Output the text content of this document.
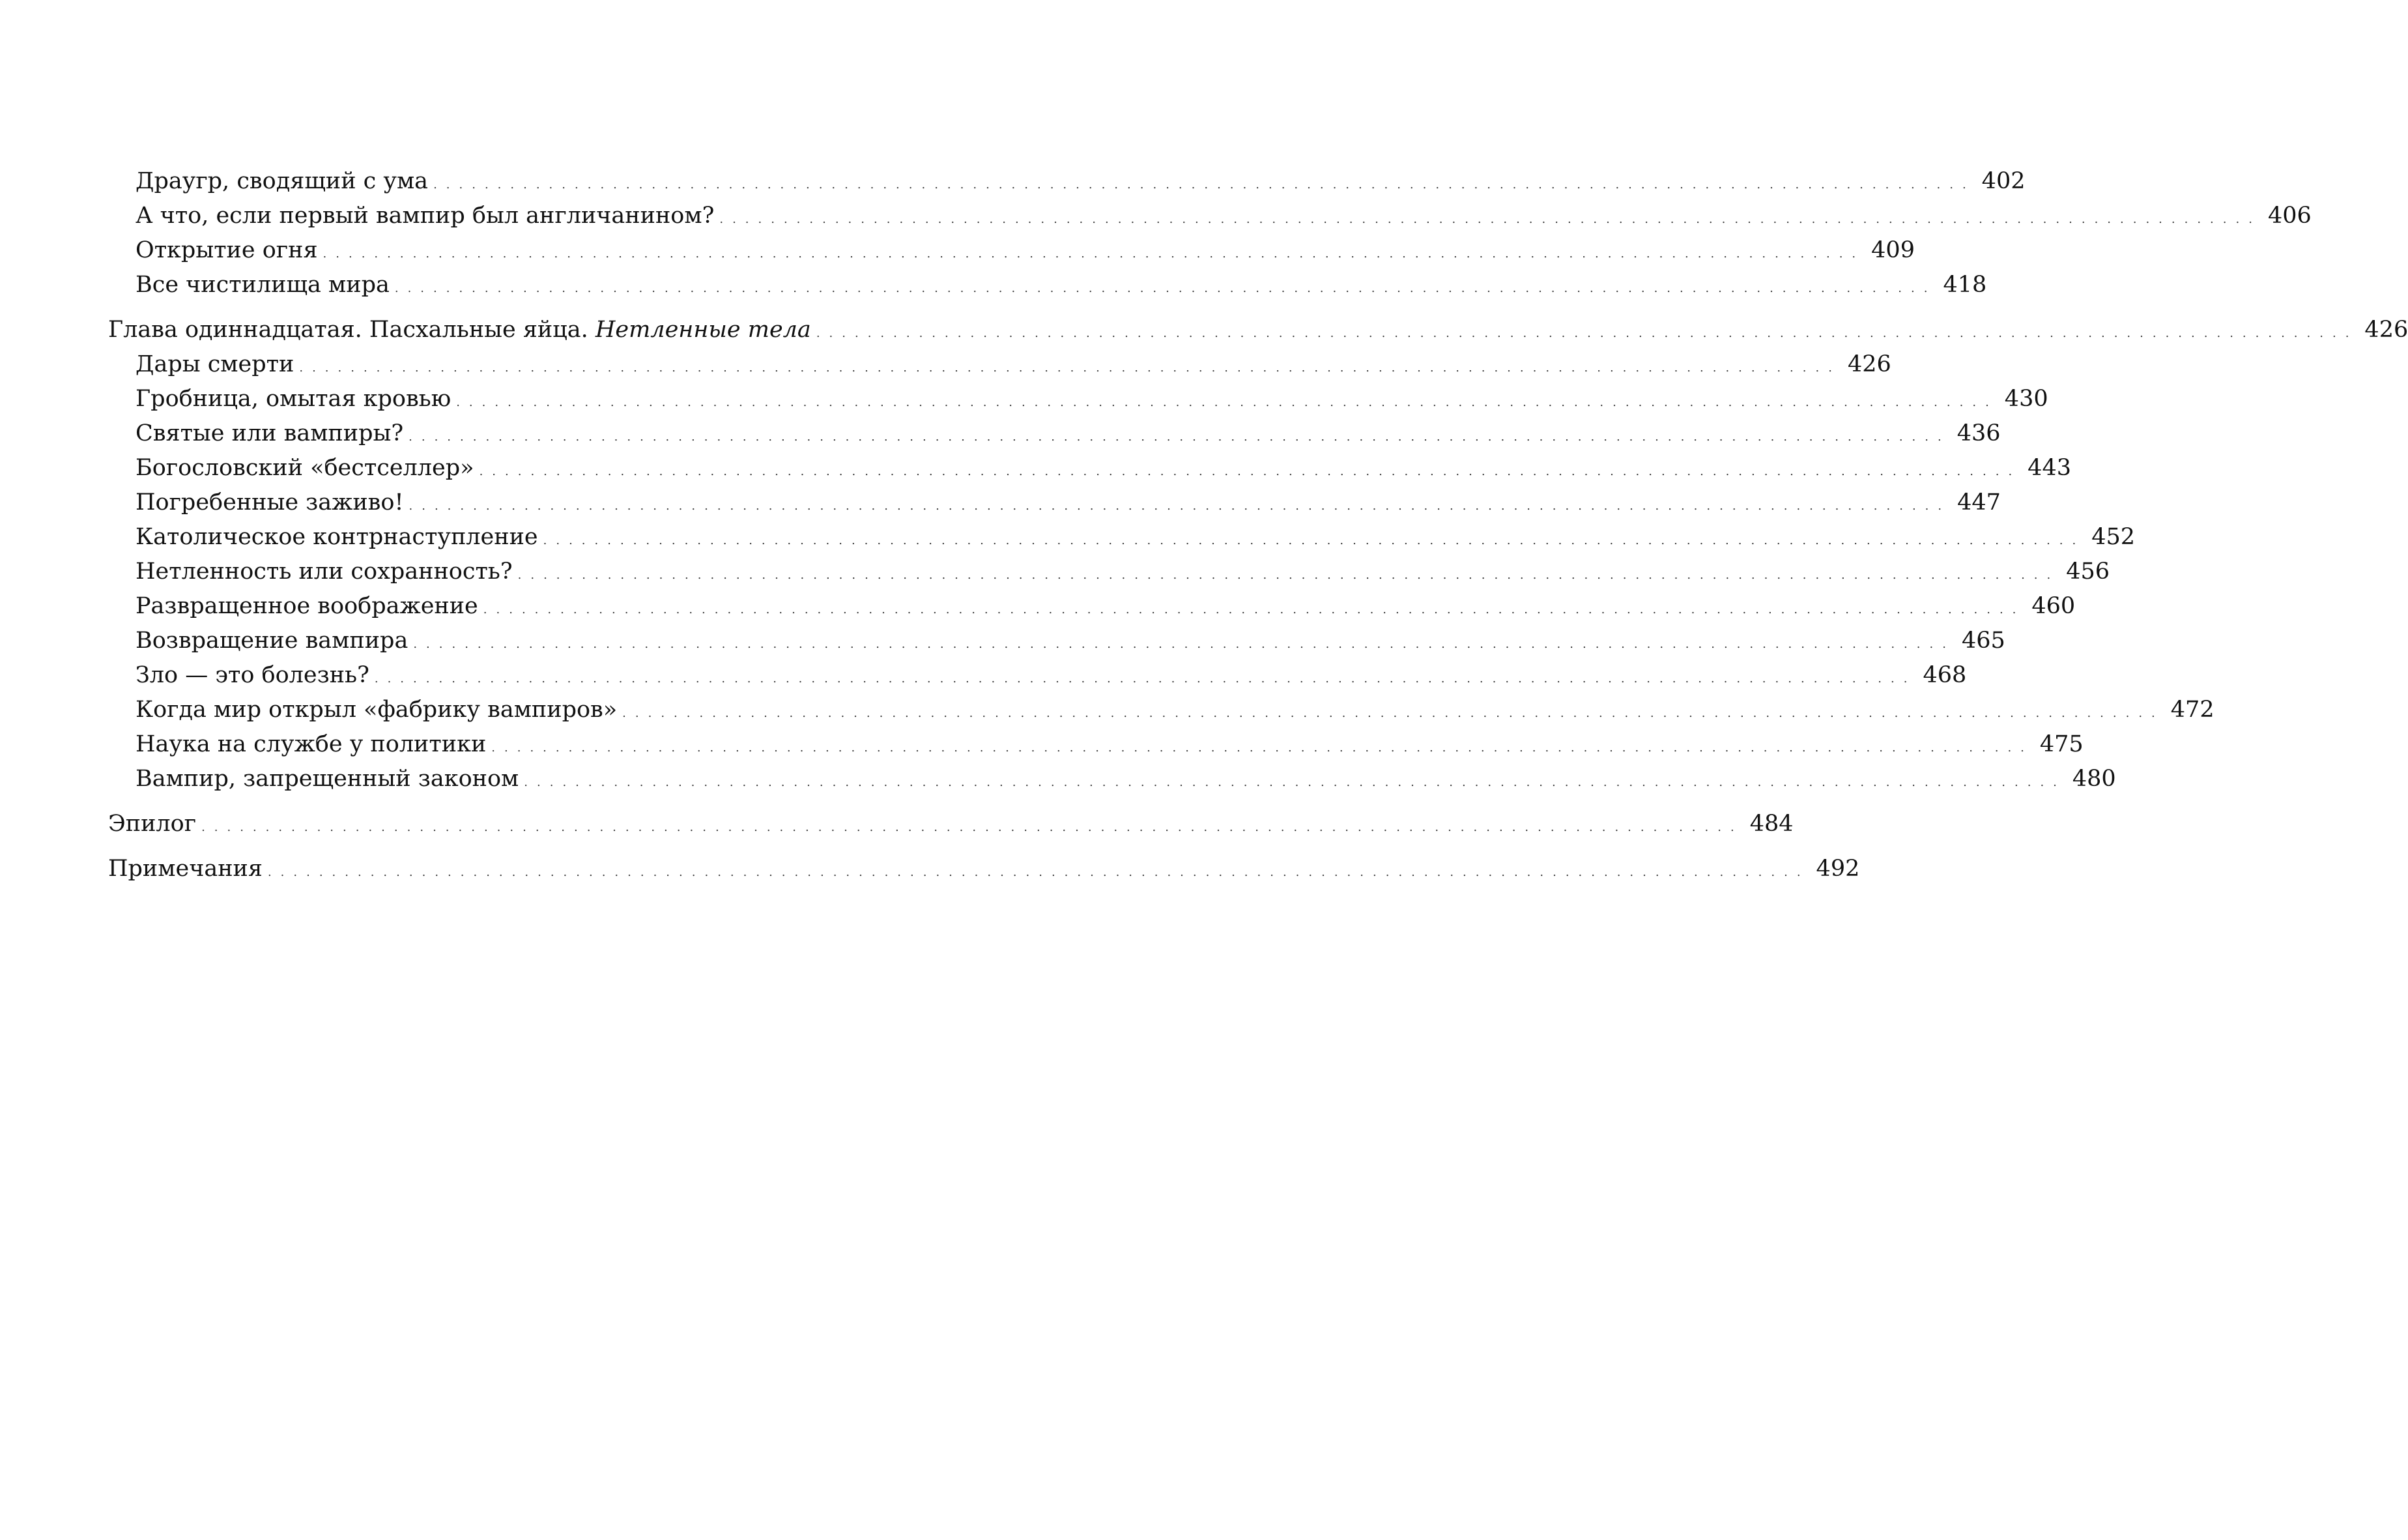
Драугр, сводящий с ума ........................................................................................................................ 402
А что, если первый вампир был англичанином? ........................................................................................................................ 406
Открытие огня ........................................................................................................................ 409
Все чистилища мира ........................................................................................................................ 418
Глава одиннадцатая. Пасхальные яйца. Нетленные тела ........................................................................................................................ 426
Дары смерти ........................................................................................................................ 426
Гробница, омытая кровью ........................................................................................................................ 430
Святые или вампиры? ........................................................................................................................ 436
Богословский «бестселлер» ........................................................................................................................ 443
Погребенные заживо! ........................................................................................................................ 447
Католическое контрнаступление ........................................................................................................................ 452
Нетленность или сохранность? ........................................................................................................................ 456
Развращенное воображение ........................................................................................................................ 460
Возвращение вампира ........................................................................................................................ 465
Зло — это болезнь? ........................................................................................................................ 468
Когда мир открыл «фабрику вампиров» ........................................................................................................................ 472
Наука на службе у политики ........................................................................................................................ 475
Вампир, запрещенный законом ........................................................................................................................ 480
Эпилог ........................................................................................................................ 484
Примечания ........................................................................................................................ 492
